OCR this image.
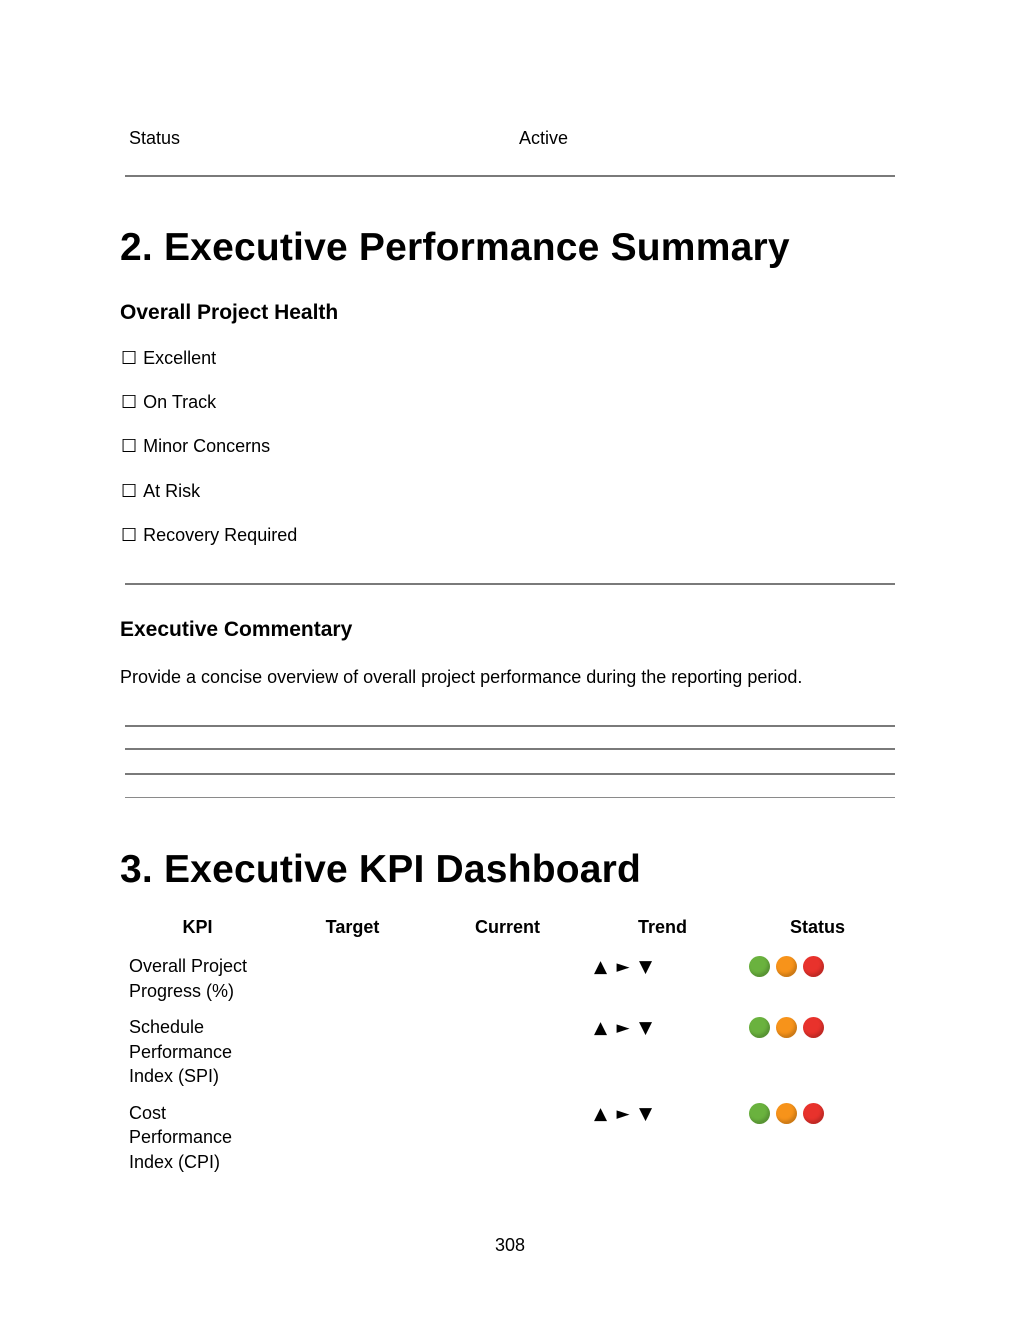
Status	Active
2. Executive Performance Summary
Overall Project Health
☐ Excellent
☐ On Track
☐ Minor Concerns
☐ At Risk
☐ Recovery Required
Executive Commentary
Provide a concise overview of overall project performance during the reporting period.
3. Executive KPI Dashboard
KPI	Target	Current	Trend	Status
Overall Project Progress (%)			▲ ► ▼	

Schedule Performance Index (SPI)			▲ ► ▼	

Cost Performance Index (CPI)			▲ ► ▼	
308
